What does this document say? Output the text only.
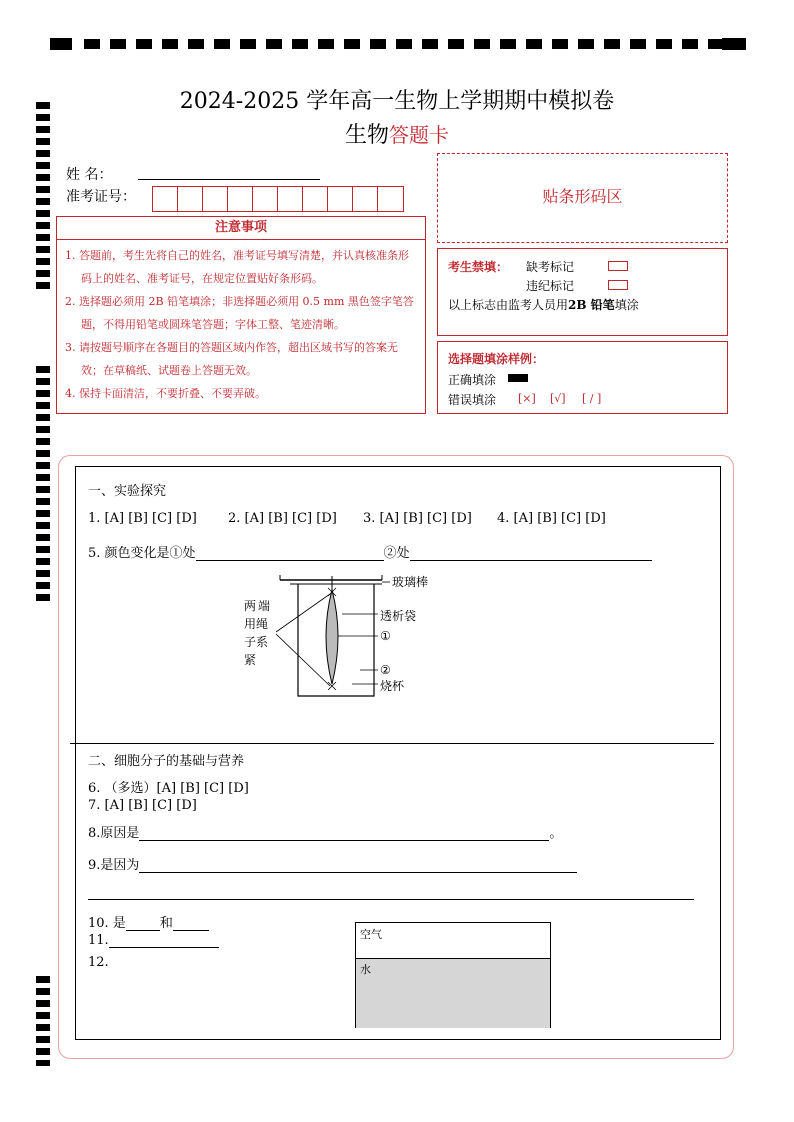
2024-2025 学年高一生物上学期期中模拟卷
生物答题卡
姓 名：
准考证号：
注意事项

1. 答题前，考生先将自己的姓名，准考证号填写清楚，并认真核准条形码上的姓名、准考证号，在规定位置贴好条形码。

2. 选择题必须用 2B 铅笔填涂；非选择题必须用 0.5 mm 黑色签字笔答题，不得用铅笔或圆珠笔答题；字体工整、笔迹清晰。

3. 请按题号顺序在各题目的答题区域内作答，超出区域书写的答案无效；在草稿纸、试题卷上答题无效。

4. 保持卡面清洁，不要折叠、不要弄破。

贴条形码区
考生禁填： 缺考标记
违纪标记
以上标志由监考人员用2B 铅笔填涂
选择题填涂样例：
正确填涂
错误填涂 [×] [√] [ / ]
一、实验探究
1. [A] [B] [C] [D] 2. [A] [B] [C] [D] 3. [A] [B] [C] [D] 4. [A] [B] [C] [D]
5. 颜色变化是①处	②处
玻璃棒
透析袋
①
②
烧杯
两 端
用绳
子系
紧
二、细胞分子的基础与营养
6. （多选）[A] [B] [C] [D]
7. [A] [B] [C] [D]
8.原因是	。
9.是因为
10. 是	和
11.
12.
空气
水
